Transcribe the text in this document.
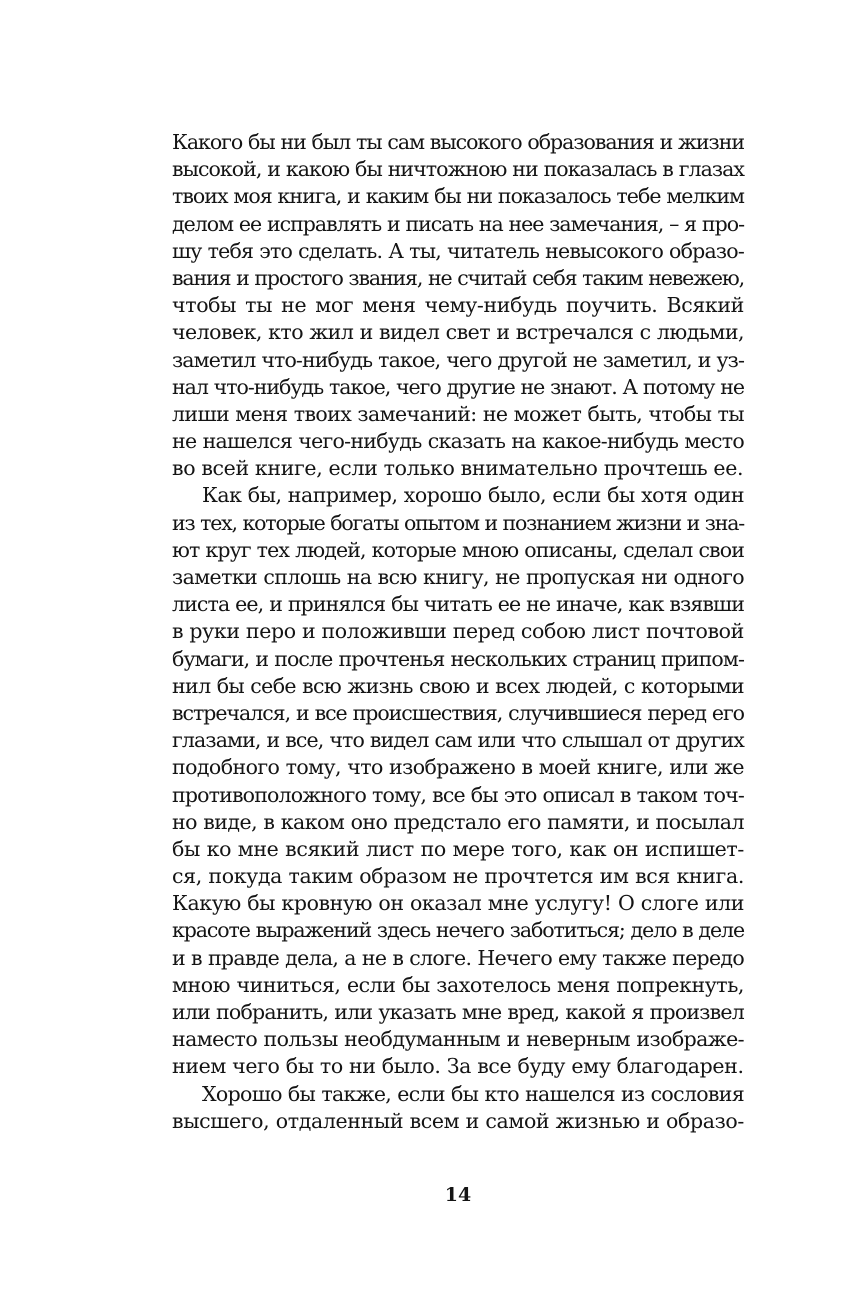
Какого бы ни был ты сам высокого образования и жизни
высокой, и какою бы ничтожною ни показалась в глазах
твоих моя книга, и каким бы ни показалось тебе мелким
делом ее исправлять и писать на нее замечания, – я про-
шу тебя это сделать. А ты, читатель невысокого образо-
вания и простого звания, не считай себя таким невежею,
чтобы ты не мог меня чему-нибудь поучить. Всякий
человек, кто жил и видел свет и встречался с людьми,
заметил что-нибудь такое, чего другой не заметил, и уз-
нал что-нибудь такое, чего другие не знают. А потому не
лиши меня твоих замечаний: не может быть, чтобы ты
не нашелся чего-нибудь сказать на какое-нибудь место
во всей книге, если только внимательно прочтешь ее.
Как бы, например, хорошо было, если бы хотя один
из тех, которые богаты опытом и познанием жизни и зна-
ют круг тех людей, которые мною описаны, сделал свои
заметки сплошь на всю книгу, не пропуская ни одного
листа ее, и принялся бы читать ее не иначе, как взявши
в руки перо и положивши перед собою лист почтовой
бумаги, и после прочтенья нескольких страниц припом-
нил бы себе всю жизнь свою и всех людей, с которыми
встречался, и все происшествия, случившиеся перед его
глазами, и все, что видел сам или что слышал от других
подобного тому, что изображено в моей книге, или же
противоположного тому, все бы это описал в таком точ-
но виде, в каком оно предстало его памяти, и посылал
бы ко мне всякий лист по мере того, как он испишет-
ся, покуда таким образом не прочтется им вся книга.
Какую бы кровную он оказал мне услугу! О слоге или
красоте выражений здесь нечего заботиться; дело в деле
и в правде дела, а не в слоге. Нечего ему также передо
мною чиниться, если бы захотелось меня попрекнуть,
или побранить, или указать мне вред, какой я произвел
наместо пользы необдуманным и неверным изображе-
нием чего бы то ни было. За все буду ему благодарен.
Хорошо бы также, если бы кто нашелся из сословия
высшего, отдаленный всем и самой жизнью и образо-
14
